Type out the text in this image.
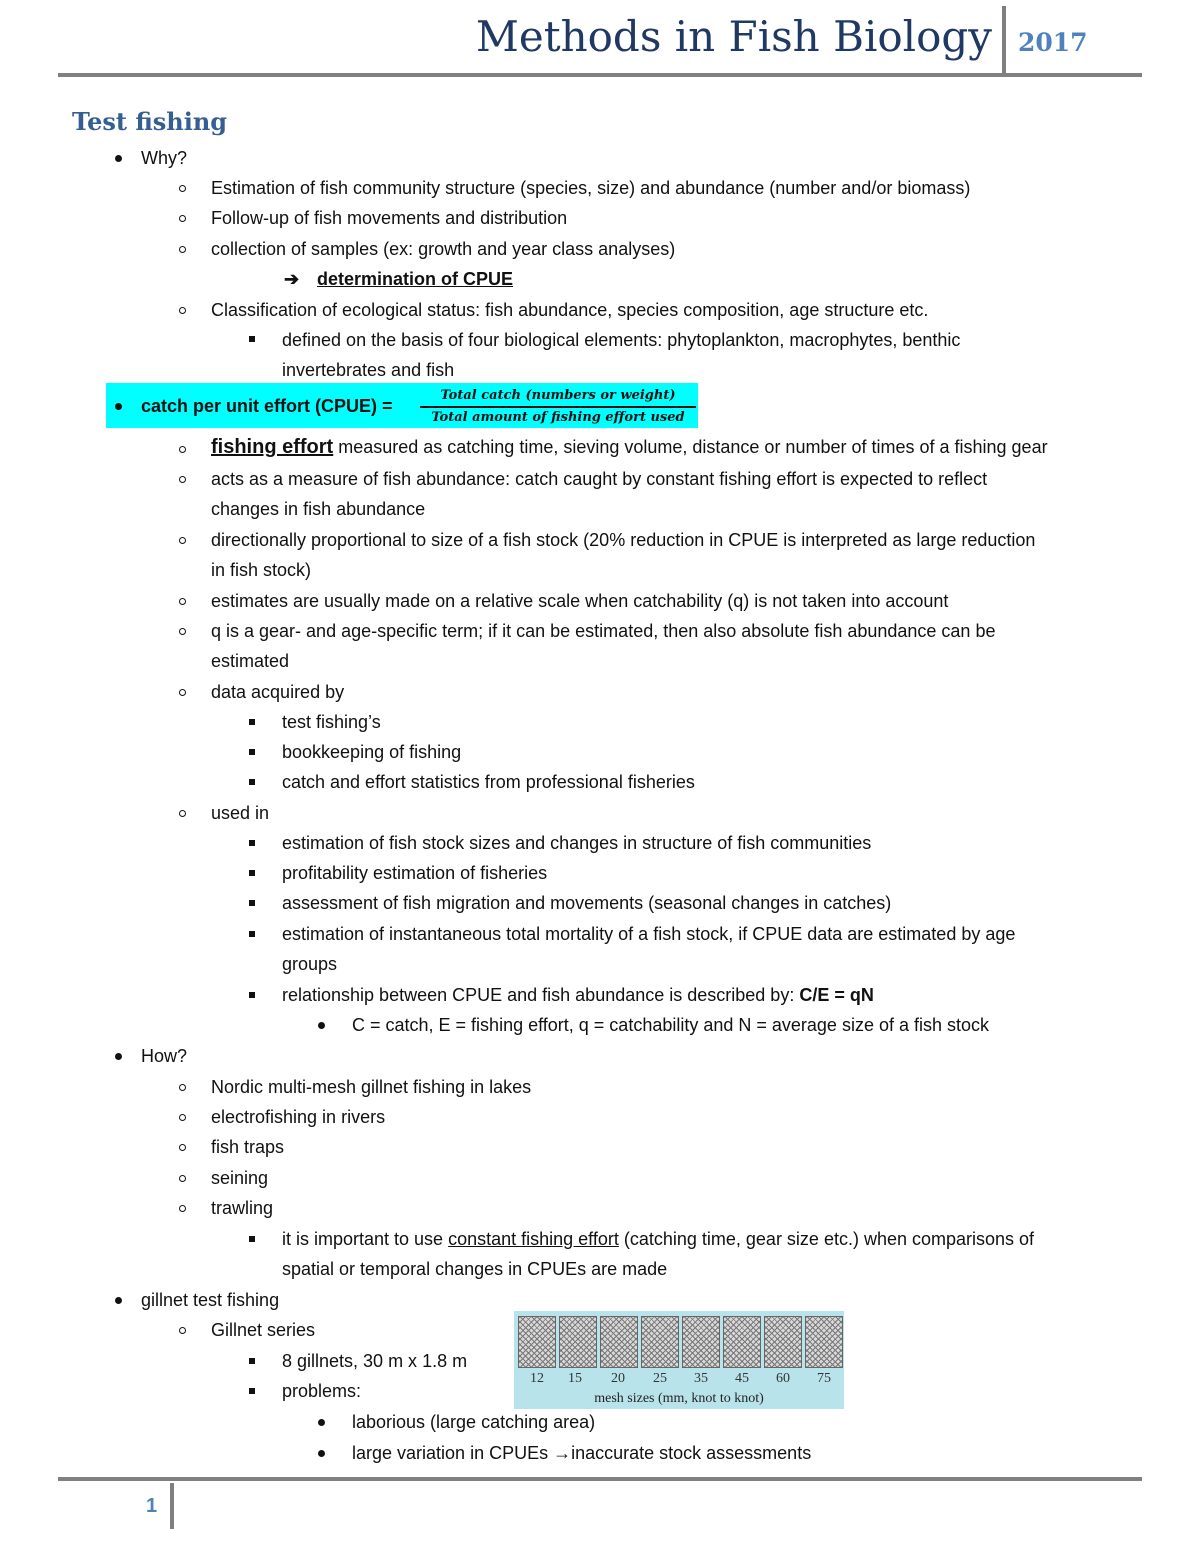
Methods in Fish Biology 2017
Test fishing
Why?
Estimation of fish community structure (species, size) and abundance (number and/or biomass)
Follow-up of fish movements and distribution
collection of samples (ex: growth and year class analyses)
➔ determination of CPUE
Classification of ecological status: fish abundance, species composition, age structure etc.
defined on the basis of four biological elements: phytoplankton, macrophytes, benthic
invertebrates and fish
catch per unit effort (CPUE) =
Total catch (numbers or weight)
Total amount of fishing effort used
fishing effort measured as catching time, sieving volume, distance or number of times of a fishing gear
acts as a measure of fish abundance: catch caught by constant fishing effort is expected to reflect
changes in fish abundance
directionally proportional to size of a fish stock (20% reduction in CPUE is interpreted as large reduction
in fish stock)
estimates are usually made on a relative scale when catchability (q) is not taken into account
q is a gear- and age-specific term; if it can be estimated, then also absolute fish abundance can be
estimated
data acquired by
test fishing’s
bookkeeping of fishing
catch and effort statistics from professional fisheries
used in
estimation of fish stock sizes and changes in structure of fish communities
profitability estimation of fisheries
assessment of fish migration and movements (seasonal changes in catches)
estimation of instantaneous total mortality of a fish stock, if CPUE data are estimated by age
groups
relationship between CPUE and fish abundance is described by: C/E = qN
C = catch, E = fishing effort, q = catchability and N = average size of a fish stock
How?
Nordic multi-mesh gillnet fishing in lakes
electrofishing in rivers
fish traps
seining
trawling
it is important to use constant fishing effort (catching time, gear size etc.) when comparisons of
spatial or temporal changes in CPUEs are made
gillnet test fishing
Gillnet series
8 gillnets, 30 m x 1.8 m
problems:
laborious (large catching area)
large variation in CPUEs →inaccurate stock assessments
12 15 20 25 35 45 60 75
mesh sizes (mm, knot to knot)
1
